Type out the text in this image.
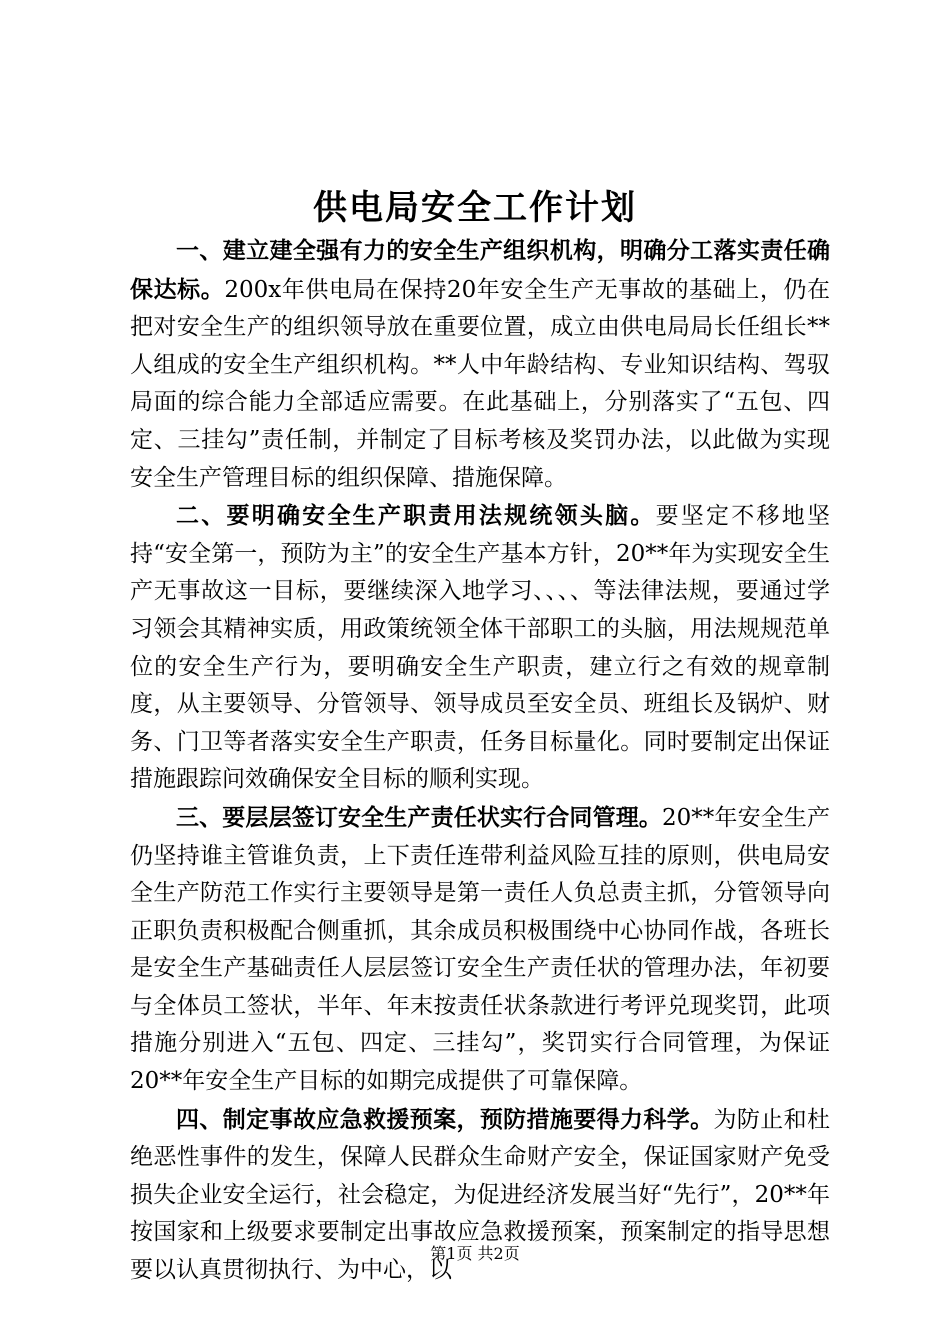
供电局安全工作计划

一、建立建全强有力的安全生产组织机构，明确分工落实责任确保达标。200x年供电局在保持20年安全生产无事故的基础上，仍在把对安全生产的组织领导放在重要位置，成立由供电局局长任组长**人组成的安全生产组织机构。**人中年龄结构、专业知识结构、驾驭局面的综合能力全部适应需要。在此基础上，分别落实了“五包、四定、三挂勾”责任制，并制定了目标考核及奖罚办法，以此做为实现安全生产管理目标的组织保障、措施保障。

二、要明确安全生产职责用法规统领头脑。要坚定不移地坚持“安全第一，预防为主”的安全生产基本方针，20**年为实现安全生产无事故这一目标，要继续深入地学习、、、、等法律法规，要通过学习领会其精神实质，用政策统领全体干部职工的头脑，用法规规范单位的安全生产行为，要明确安全生产职责，建立行之有效的规章制度，从主要领导、分管领导、领导成员至安全员、班组长及锅炉、财务、门卫等者落实安全生产职责，任务目标量化。同时要制定出保证措施跟踪问效确保安全目标的顺利实现。

三、要层层签订安全生产责任状实行合同管理。20**年安全生产仍坚持谁主管谁负责，上下责任连带利益风险互挂的原则，供电局安全生产防范工作实行主要领导是第一责任人负总责主抓，分管领导向正职负责积极配合侧重抓，其余成员积极围绕中心协同作战，各班长是安全生产基础责任人层层签订安全生产责任状的管理办法，年初要与全体员工签状，半年、年末按责任状条款进行考评兑现奖罚，此项措施分别进入“五包、四定、三挂勾”，奖罚实行合同管理，为保证20**年安全生产目标的如期完成提供了可靠保障。

四、制定事故应急救援预案，预防措施要得力科学。为防止和杜绝恶性事件的发生，保障人民群众生命财产安全，保证国家财产免受损失企业安全运行，社会稳定，为促进经济发展当好“先行”，20**年按国家和上级要求要制定出事故应急救援预案，预案制定的指导思想要以认真贯彻执行、为中心，以

第1页 共2页
